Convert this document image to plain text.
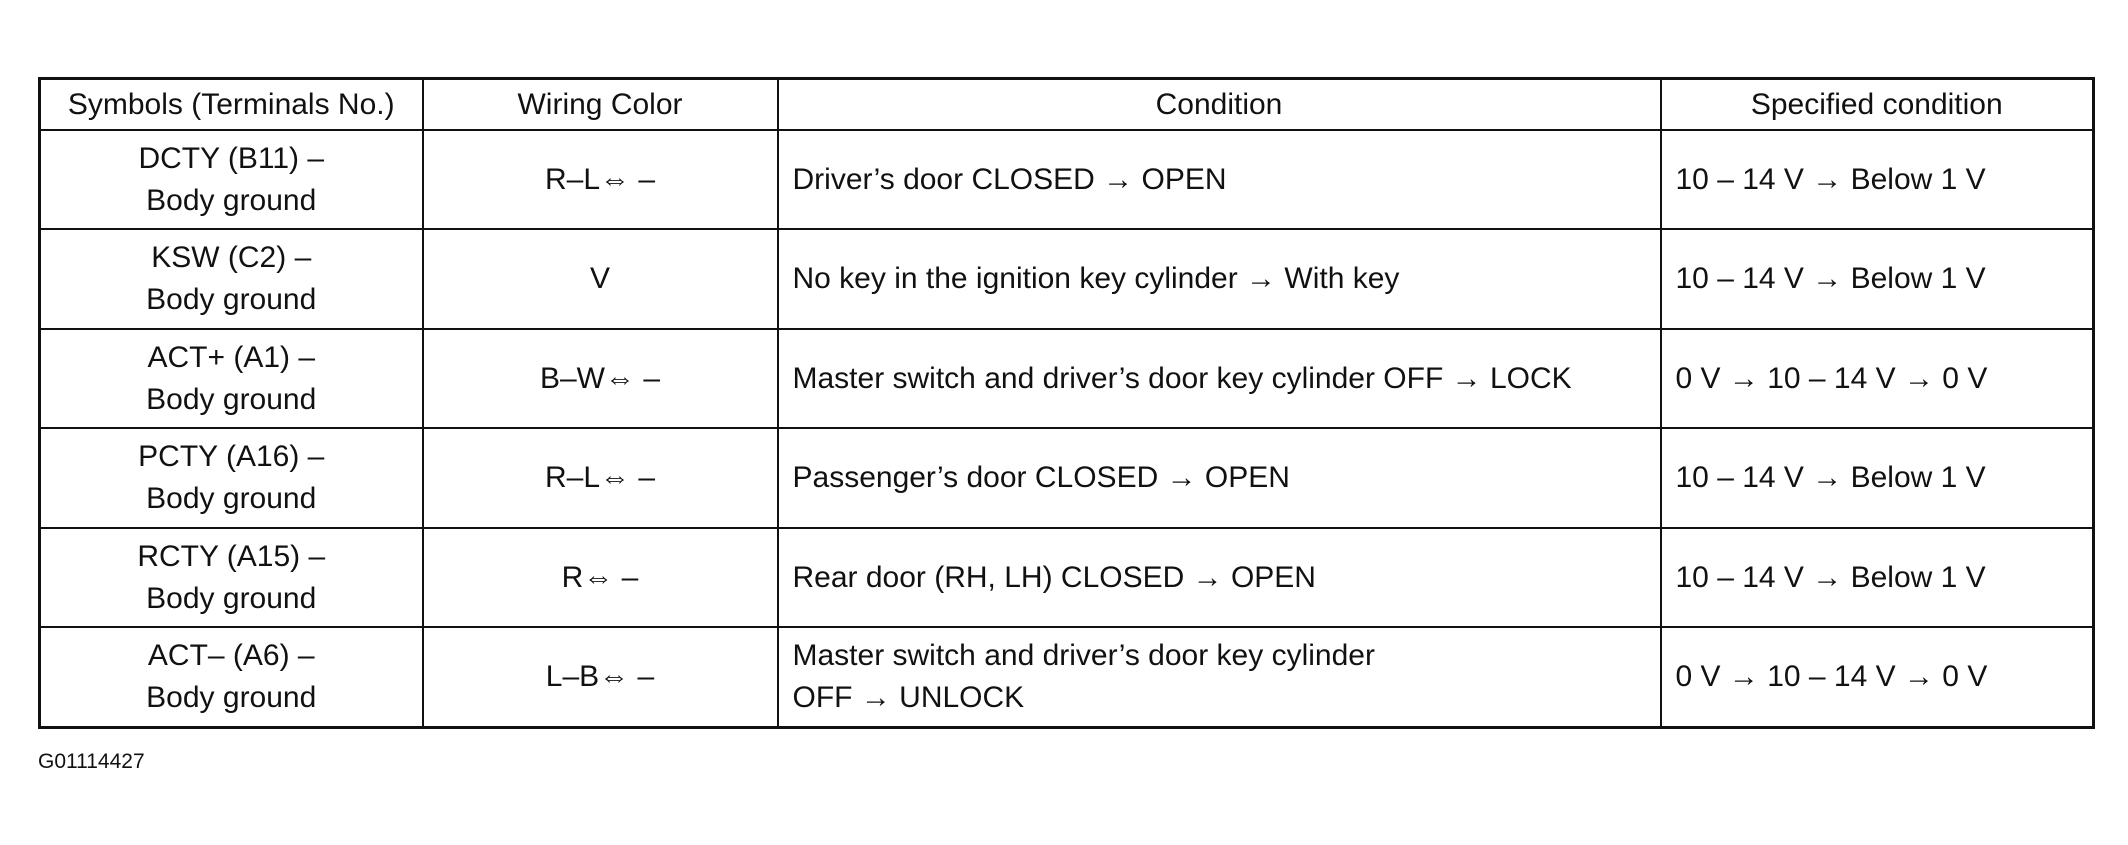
Symbols (Terminals No.)	Wiring Color	Condition	Specified condition

DCTY (B11) –
Body ground	R–L⇔ –	Driver’s door CLOSED → OPEN	10 – 14 V → Below 1 V

KSW (C2) –
Body ground	V	No key in the ignition key cylinder → With key	10 – 14 V → Below 1 V

ACT+ (A1) –
Body ground	B–W⇔ –	Master switch and driver’s door key cylinder OFF → LOCK	0 V → 10 – 14 V → 0 V

PCTY (A16) –
Body ground	R–L⇔ –	Passenger’s door CLOSED → OPEN	10 – 14 V → Below 1 V

RCTY (A15) –
Body ground	R⇔ –	Rear door (RH, LH) CLOSED → OPEN	10 – 14 V → Below 1 V

ACT– (A6) –
Body ground	L–B⇔ –	Master switch and driver’s door key cylinder
OFF → UNLOCK	0 V → 10 – 14 V → 0 V
G01114427
